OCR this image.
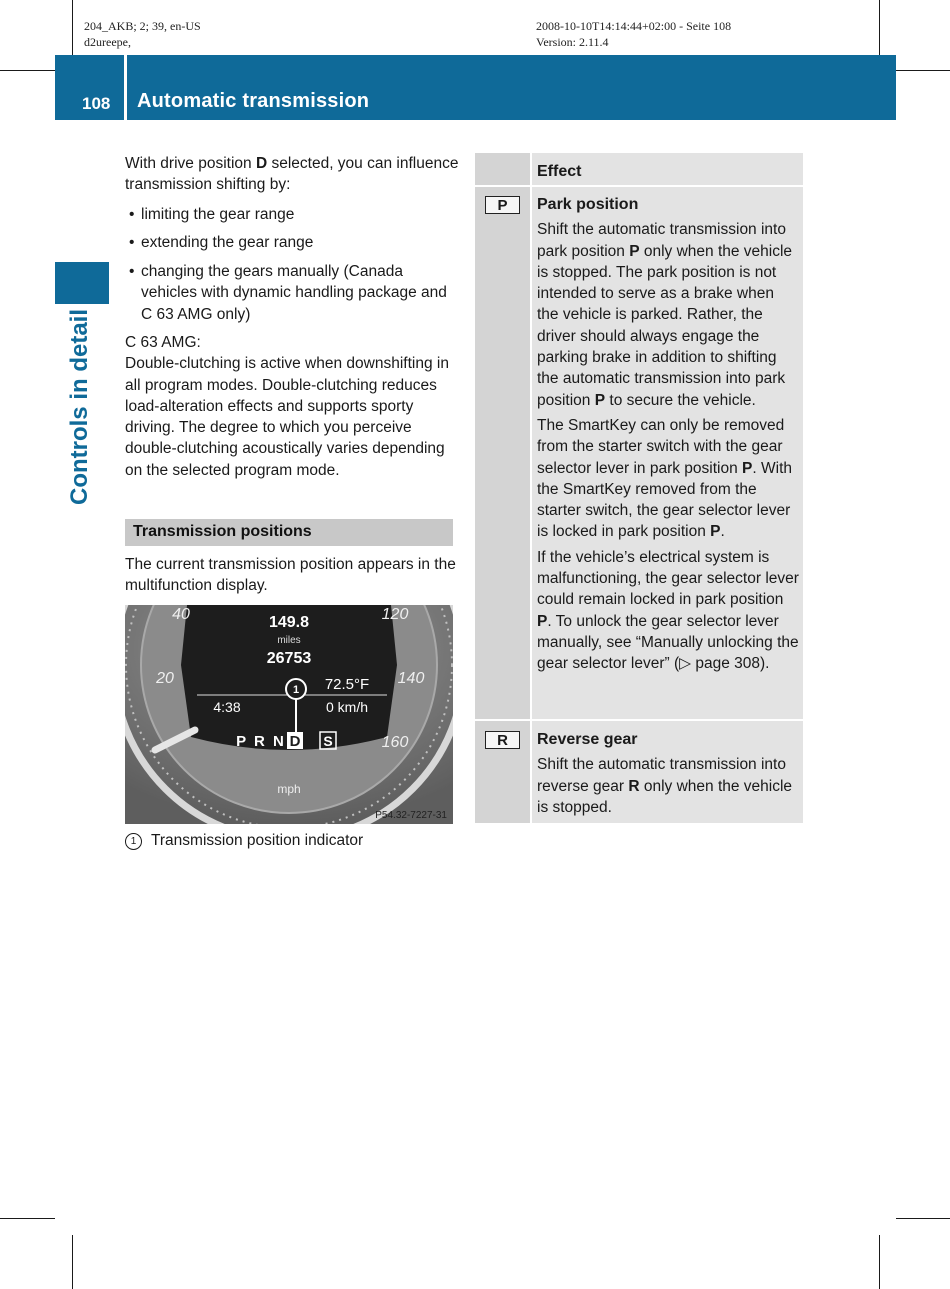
204_AKB; 2; 39, en-US
d2ureepe,
2008-10-10T14:14:44+02:00 - Seite 108
Version: 2.11.4
108 Automatic transmission
Controls in detail

With drive position D selected, you can influence transmission shifting by:

• limiting the gear range
• extending the gear range
• changing the gears manually (Canada vehicles with dynamic handling package and C 63 AMG only)

C 63 AMG:

Double-clutching is active when downshifting in all program modes. Double-clutching reduces load-alteration effects and supports sporty driving. The degree to which you perceive double-clutching acoustically varies depending on the selected program mode.

Transmission positions

The current transmission position appears in the multifunction display.

1
40	120
20	140
160
149.8
miles
26753
72.5°F
4:38	0 km/h
P R N D S
mph
P54.32-7227-31
1 Transmission position indicator
Effect
P	Park position

Shift the automatic transmission into park position P only when the vehicle is stopped. The park position is not intended to serve as a brake when the vehicle is parked. Rather, the driver should always engage the parking brake in addition to shifting the automatic transmission into park position P to secure the vehicle.

The SmartKey can only be removed from the starter switch with the gear selector lever in park position P. With the SmartKey removed from the starter switch, the gear selector lever is locked in park position P.

If the vehicle’s electrical system is malfunctioning, the gear selector lever could remain locked in park position P. To unlock the gear selector lever manually, see “Manually unlocking the gear selector lever” (▷ page 308).

R	Reverse gear

Shift the automatic transmission into reverse gear R only when the vehicle is stopped.
